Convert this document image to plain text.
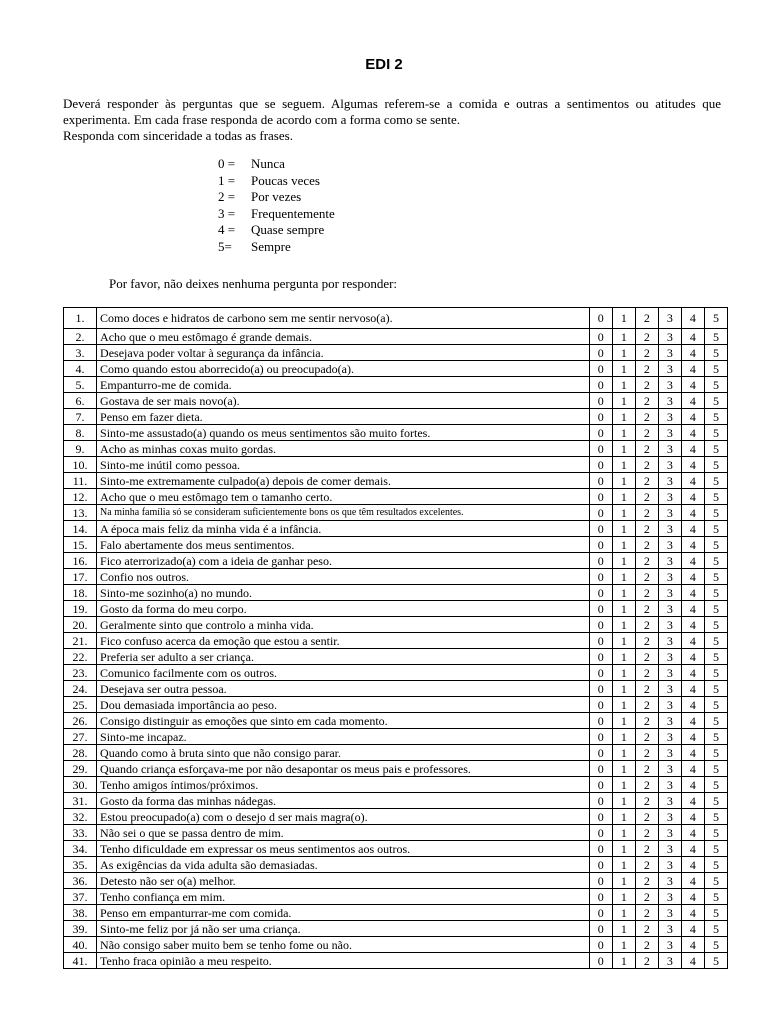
EDI 2

Deverá responder às perguntas que se seguem. Algumas referem-se a comida e outras a sentimentos ou atitudes que experimenta. Em cada frase responda de acordo com a forma como se sente.

Responda com sinceridade a todas as frases.

0 =	Nunca
1 =	Poucas veces
2 =	Por vezes
3 =	Frequentemente
4 =	Quase sempre
5=	Sempre
Por favor, não deixes nenhuma pergunta por responder:
1.	Como doces e hidratos de carbono sem me sentir nervoso(a).	0	1	2	3	4	5
2.	Acho que o meu estômago é grande demais.	0	1	2	3	4	5
3.	Desejava poder voltar à segurança da infância.	0	1	2	3	4	5
4.	Como quando estou aborrecido(a) ou preocupado(a).	0	1	2	3	4	5
5.	Empanturro-me de comida.	0	1	2	3	4	5
6.	Gostava de ser mais novo(a).	0	1	2	3	4	5
7.	Penso em fazer dieta.	0	1	2	3	4	5
8.	Sinto-me assustado(a) quando os meus sentimentos são muito fortes.	0	1	2	3	4	5
9.	Acho as minhas coxas muito gordas.	0	1	2	3	4	5
10.	Sinto-me inútil como pessoa.	0	1	2	3	4	5
11.	Sinto-me extremamente culpado(a) depois de comer demais.	0	1	2	3	4	5
12.	Acho que o meu estômago tem o tamanho certo.	0	1	2	3	4	5
13.	Na minha família só se consideram suficientemente bons os que têm resultados excelentes.	0	1	2	3	4	5
14.	A época mais feliz da minha vida é a infância.	0	1	2	3	4	5
15.	Falo abertamente dos meus sentimentos.	0	1	2	3	4	5
16.	Fico aterrorizado(a) com a ideia de ganhar peso.	0	1	2	3	4	5
17.	Confio nos outros.	0	1	2	3	4	5
18.	Sinto-me sozinho(a) no mundo.	0	1	2	3	4	5
19.	Gosto da forma do meu corpo.	0	1	2	3	4	5
20.	Geralmente sinto que controlo a minha vida.	0	1	2	3	4	5
21.	Fico confuso acerca da emoção que estou a sentir.	0	1	2	3	4	5
22.	Preferia ser adulto a ser criança.	0	1	2	3	4	5
23.	Comunico facilmente com os outros.	0	1	2	3	4	5
24.	Desejava ser outra pessoa.	0	1	2	3	4	5
25.	Dou demasiada importância ao peso.	0	1	2	3	4	5
26.	Consigo distinguir as emoções que sinto em cada momento.	0	1	2	3	4	5
27.	Sinto-me incapaz.	0	1	2	3	4	5
28.	Quando como à bruta sinto que não consigo parar.	0	1	2	3	4	5
29.	Quando criança esforçava-me por não desapontar os meus pais e professores.	0	1	2	3	4	5
30.	Tenho amigos íntimos/próximos.	0	1	2	3	4	5
31.	Gosto da forma das minhas nádegas.	0	1	2	3	4	5
32.	Estou preocupado(a) com o desejo d ser mais magra(o).	0	1	2	3	4	5
33.	Não sei o que se passa dentro de mim.	0	1	2	3	4	5
34.	Tenho dificuldade em expressar os meus sentimentos aos outros.	0	1	2	3	4	5
35.	As exigências da vida adulta são demasiadas.	0	1	2	3	4	5
36.	Detesto não ser o(a) melhor.	0	1	2	3	4	5
37.	Tenho confiança em mim.	0	1	2	3	4	5
38.	Penso em empanturrar-me com comida.	0	1	2	3	4	5
39.	Sinto-me feliz por já não ser uma criança.	0	1	2	3	4	5
40.	Não consigo saber muito bem se tenho fome ou não.	0	1	2	3	4	5
41.	Tenho fraca opinião a meu respeito.	0	1	2	3	4	5
